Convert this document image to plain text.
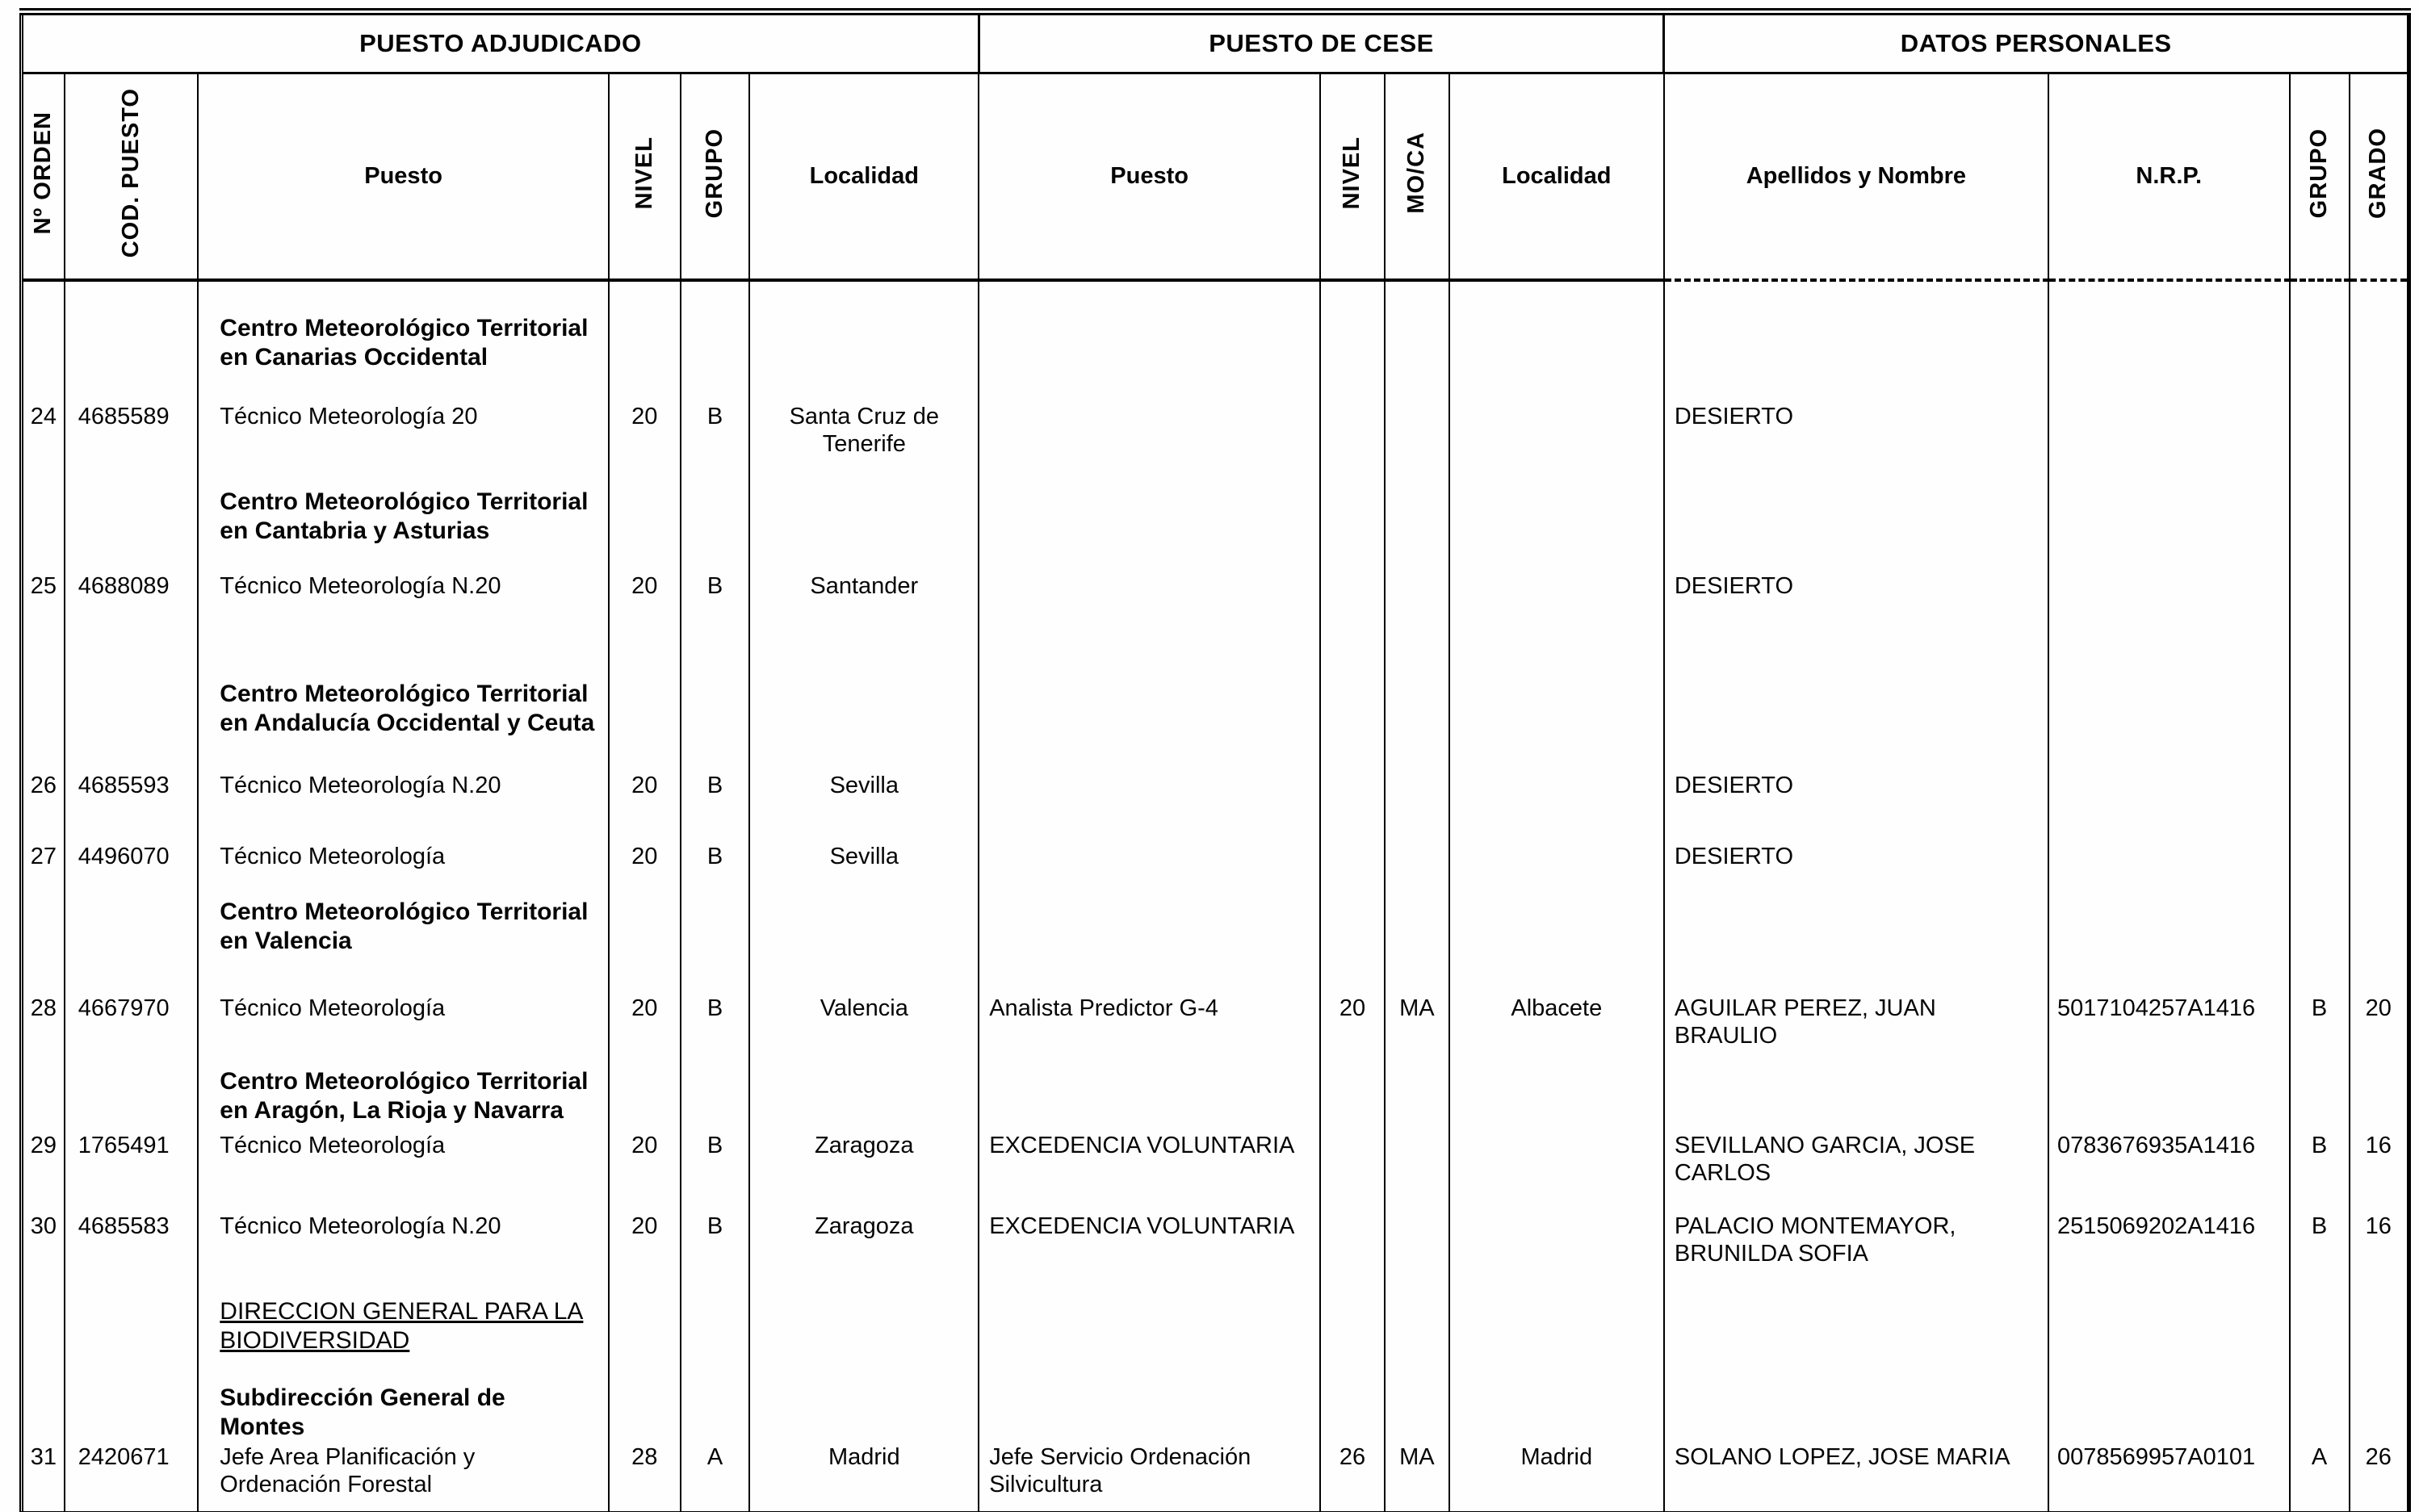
PUESTO ADJUDICADO						PUESTO DE CESE				DATOS PERSONALES			
Nº ORDEN	COD. PUESTO	Puesto	NIVEL	GRUPO	Localidad	Puesto	NIVEL	MO/CA	Localidad	Apellidos y Nombre	N.R.P.	GRUPO	GRADO

		Centro Meteorológico Territorial en Canarias Occidental											
24	4685589	Técnico Meteorología 20	20	B	Santa Cruz de Tenerife					DESIERTO			
		Centro Meteorológico Territorial en Cantabria y Asturias											
25	4688089	Técnico Meteorología N.20	20	B	Santander					DESIERTO			
		Centro Meteorológico Territorial en Andalucía Occidental y Ceuta											
26	4685593	Técnico Meteorología N.20	20	B	Sevilla					DESIERTO			
27	4496070	Técnico Meteorología	20	B	Sevilla					DESIERTO			
		Centro Meteorológico Territorial en Valencia											
28	4667970	Técnico Meteorología	20	B	Valencia	Analista Predictor G-4	20	MA	Albacete	AGUILAR PEREZ, JUAN BRAULIO	5017104257A1416	B	20
		Centro Meteorológico Territorial en Aragón, La Rioja y Navarra											
29	1765491	Técnico Meteorología	20	B	Zaragoza	EXCEDENCIA VOLUNTARIA				SEVILLANO GARCIA, JOSE CARLOS	0783676935A1416	B	16
30	4685583	Técnico Meteorología N.20	20	B	Zaragoza	EXCEDENCIA VOLUNTARIA				PALACIO MONTEMAYOR, BRUNILDA SOFIA	2515069202A1416	B	16
		DIRECCION GENERAL PARA LA BIODIVERSIDAD											
		Subdirección General de Montes											
31	2420671	Jefe Area Planificación y Ordenación Forestal	28	A	Madrid	Jefe Servicio Ordenación Silvicultura	26	MA	Madrid	SOLANO LOPEZ, JOSE MARIA	0078569957A0101	A	26
